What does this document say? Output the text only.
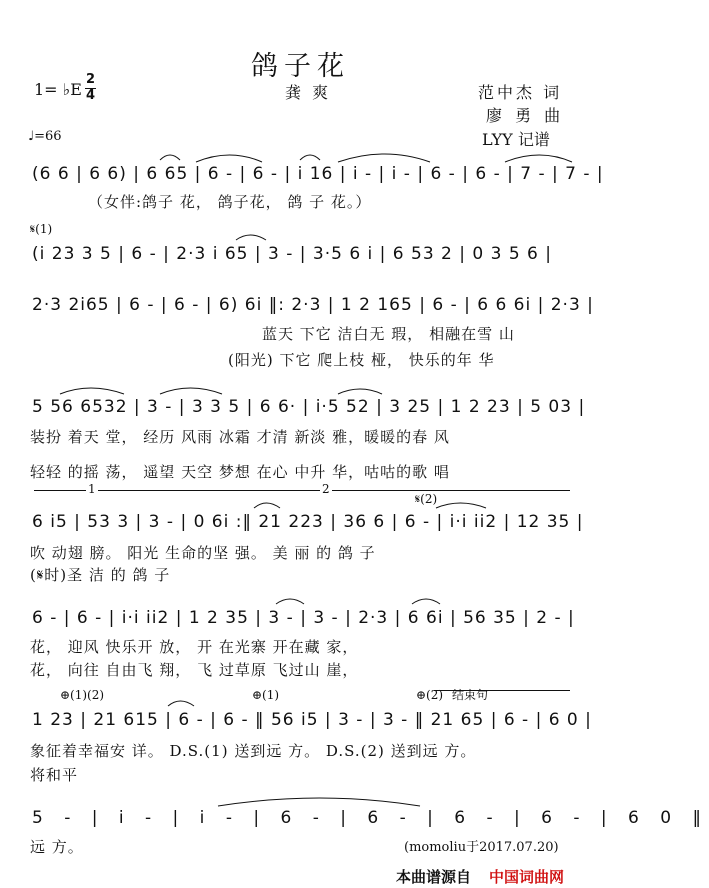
鸽子花
1= ♭E
2
4	龚 爽	范中杰 词
廖 勇 曲
♩=66	LYY 记谱
(6 6 | 6 6) | 6 65 | 6 - | 6 - | i 16 | i - | i - | 6 - | 6 - | 7 - | 7 - |
（女伴:鸽子 花， 鸽子花， 鸽 子 花。）
𝄋(1)
(i 23 3 5 | 6 - | 2·3 i 65 | 3 - | 3·5 6 i | 6 53 2 | 0 3 5 6 |
2·3 2i65 | 6 - | 6 - | 6) 6i ‖: 2·3 | 1 2 165 | 6 - | 6 6 6i | 2·3 |
蓝天 下它 洁白无 瑕， 相融在雪 山
(阳光) 下它 爬上枝 桠， 快乐的年 华
5 56 6532 | 3 - | 3 3 5 | 6 6· | i·5 52 | 3 25 | 1 2 23 | 5 03 |
装扮 着天 堂， 经历 风雨 冰霜 才清 新淡 雅，暖暖的春 风
轻轻 的摇 荡， 遥望 天空 梦想 在心 中升 华，咕咕的歌 唱
1	2
𝄋(2)
6 i5 | 53 3 | 3 - | 0 6i :‖ 21 223 | 36 6 | 6 - | i·i ii2 | 12 35 |
吹 动翅 膀。 阳光 生命的坚 强。 美 丽 的 鸽 子
(𝄋时)圣 洁 的 鸽 子
6 - | 6 - | i·i ii2 | 1 2 35 | 3 - | 3 - | 2·3 | 6 6i | 56 35 | 2 - |
花， 迎风 快乐开 放， 开 在光寨 开在藏 家，
花， 向往 自由飞 翔， 飞 过草原 飞过山 崖，
⊕(1)(2)	⊕(1)	⊕(2) 结束句
1 23 | 21 615 | 6 - | 6 - ‖ 56 i5 | 3 - | 3 - ‖ 21 65 | 6 - | 6 0 |
象征着幸福安 详。 D.S.(1) 送到远 方。 D.S.(2) 送到远 方。
将和平
5 - | i - | i - | 6 - | 6 - | 6 - | 6 - | 6 0 ‖
远 方。	(momoliu于2017.07.20)
本曲谱源自 中国词曲网
